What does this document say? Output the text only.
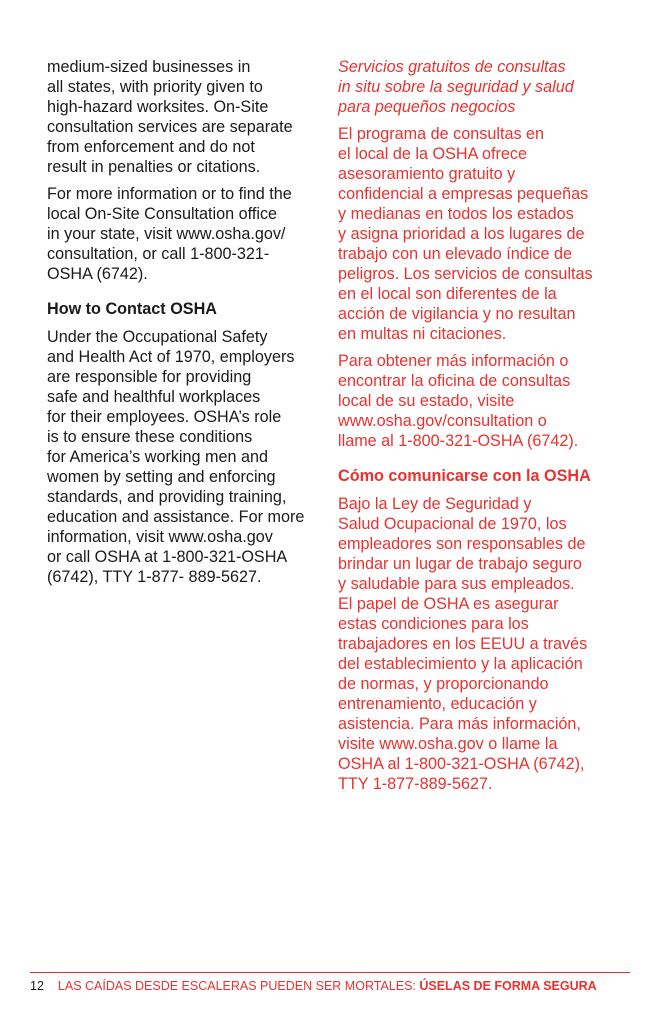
medium-sized businesses in
all states, with priority given to
high-hazard worksites. On-Site
consultation services are separate
from enforcement and do not
result in penalties or citations.
For more information or to find the
local On-Site Consultation office
in your state, visit www.osha.gov/
consultation, or call 1-800-321-
OSHA (6742).
How to Contact OSHA
Under the Occupational Safety
and Health Act of 1970, employers
are responsible for providing
safe and healthful workplaces
for their employees. OSHA’s role
is to ensure these conditions
for America’s working men and
women by setting and enforcing
standards, and providing training,
education and assistance. For more
information, visit www.osha.gov
or call OSHA at 1-800-321-OSHA
(6742), TTY 1-877- 889-5627.
Servicios gratuitos de consultas
in situ sobre la seguridad y salud
para pequeños negocios
El programa de consultas en
el local de la OSHA ofrece
asesoramiento gratuito y
confidencial a empresas pequeñas
y medianas en todos los estados
y asigna prioridad a los lugares de
trabajo con un elevado índice de
peligros. Los servicios de consultas
en el local son diferentes de la
acción de vigilancia y no resultan
en multas ni citaciones.
Para obtener más información o
encontrar la oficina de consultas
local de su estado, visite
www.osha.gov/consultation o
llame al 1-800-321-OSHA (6742).
Cómo comunicarse con la OSHA
Bajo la Ley de Seguridad y
Salud Ocupacional de 1970, los
empleadores son responsables de
brindar un lugar de trabajo seguro
y saludable para sus empleados.
El papel de OSHA es asegurar
estas condiciones para los
trabajadores en los EEUU a través
del establecimiento y la aplicación
de normas, y proporcionando
entrenamiento, educación y
asistencia. Para más información,
visite www.osha.gov o llame la
OSHA al 1-800-321-OSHA (6742),
TTY 1-877-889-5627.
12 LAS CAÍDAS DESDE ESCALERAS PUEDEN SER MORTALES: ÚSELAS DE FORMA SEGURA
